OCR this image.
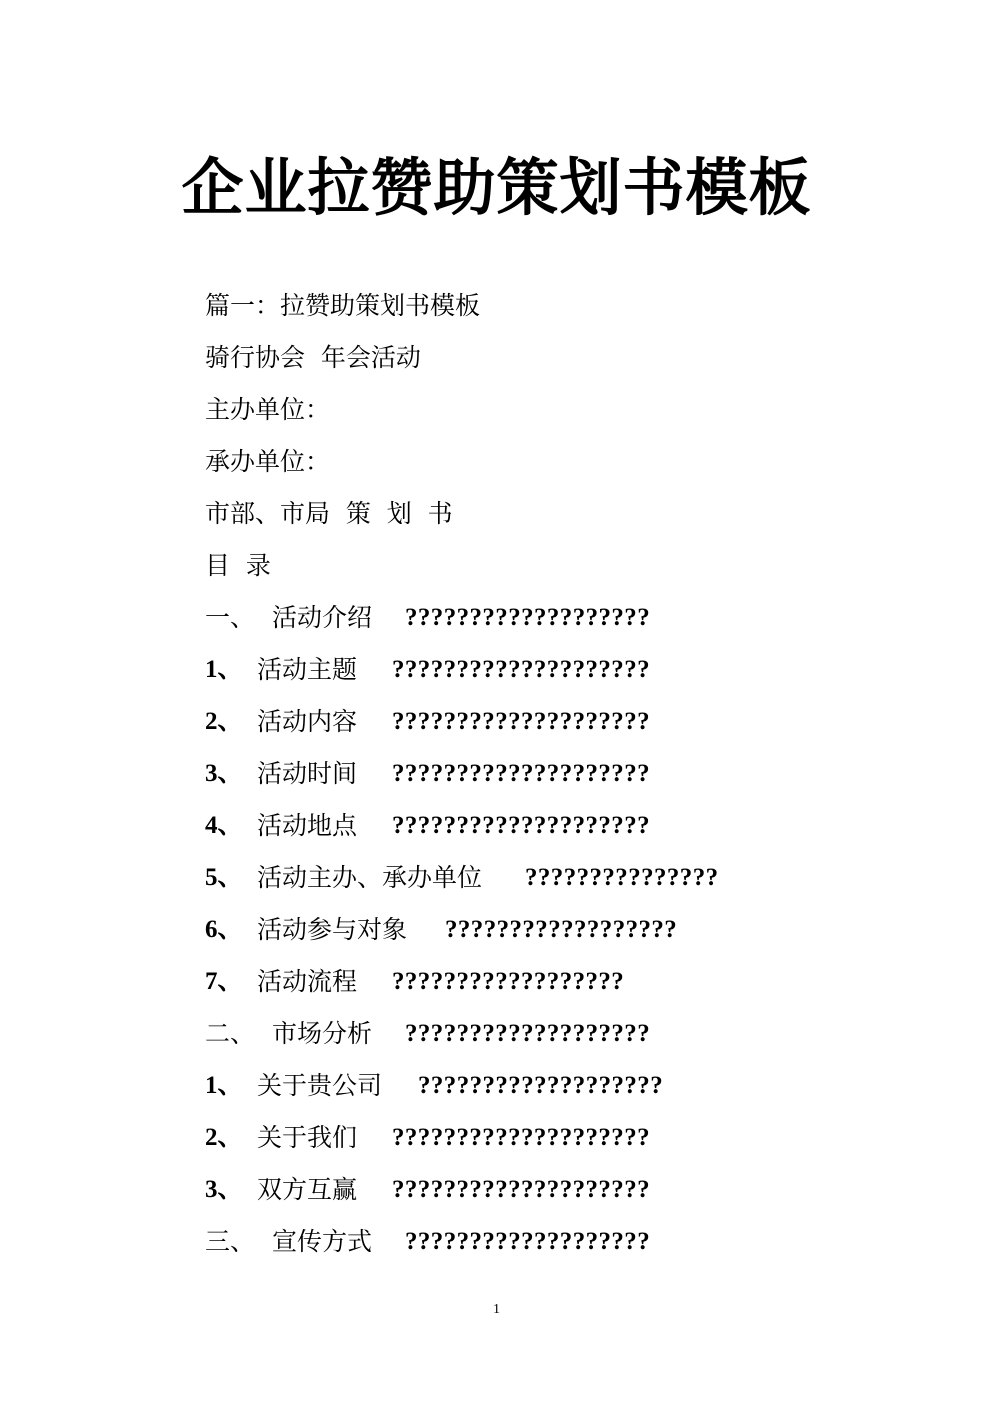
企业拉赞助策划书模板
篇一：拉赞助策划书模板
骑行协会  年会活动
主办单位：
承办单位：
市部、市局  策  划  书
目  录

一、

活动介绍

???????????????????

1、

活动主题

????????????????????

2、

活动内容

????????????????????

3、

活动时间

????????????????????

4、

活动地点

????????????????????

5、

活动主办、承办单位

???????????????

6、

活动参与对象

??????????????????

7、

活动流程

??????????????????

二、

市场分析

???????????????????

1、

关于贵公司

???????????????????

2、

关于我们

????????????????????

3、

双方互赢

????????????????????

三、

宣传方式

???????????????????

1
